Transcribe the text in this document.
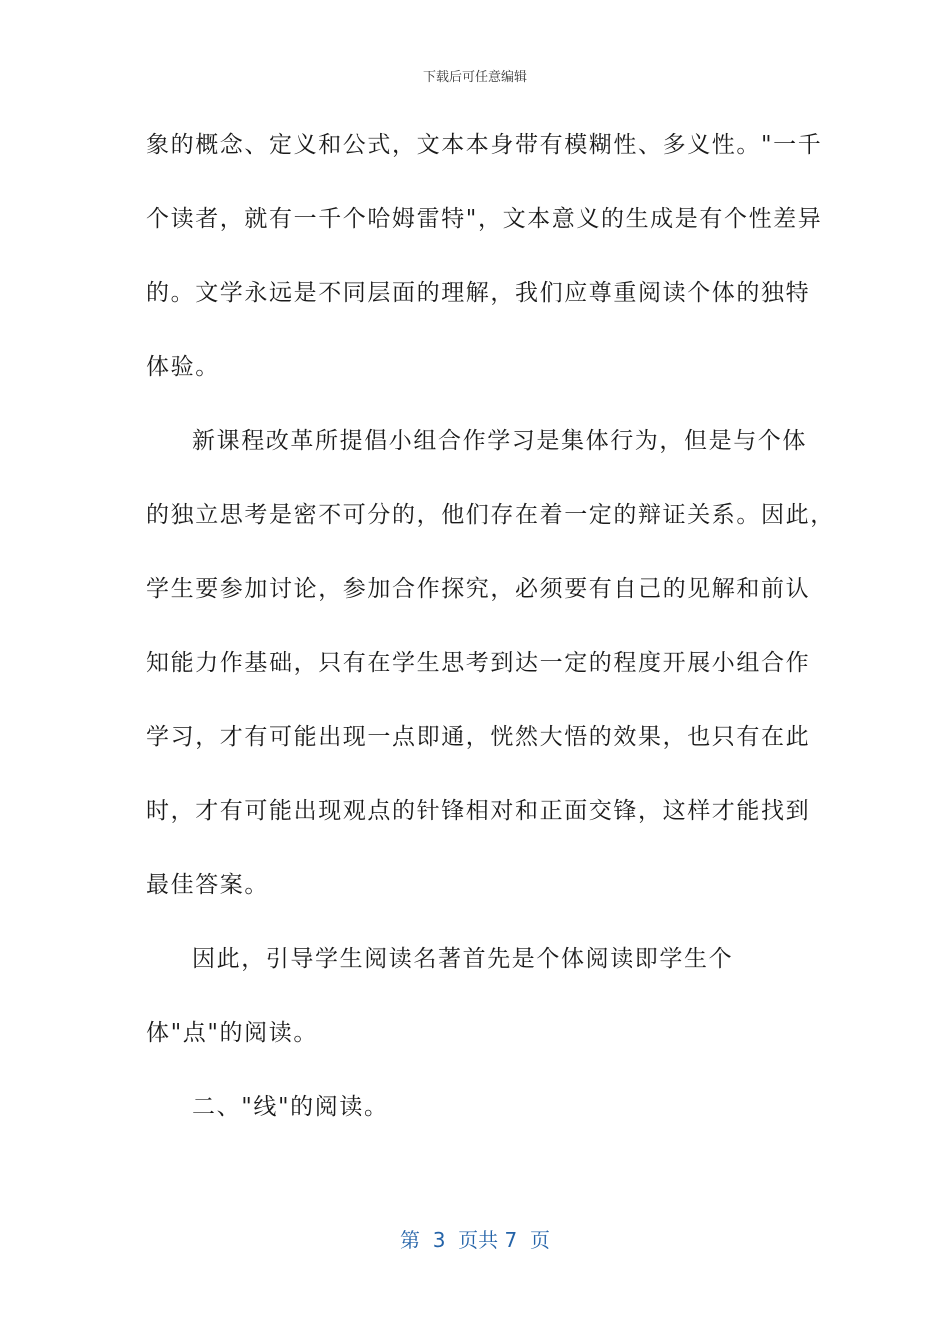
下载后可任意编辑
象的概念、定义和公式，文本本身带有模糊性、多义性。"一千
个读者，就有一千个哈姆雷特"，文本意义的生成是有个性差异
的。文学永远是不同层面的理解，我们应尊重阅读个体的独特
体验。
新课程改革所提倡小组合作学习是集体行为，但是与个体
的独立思考是密不可分的，他们存在着一定的辩证关系。因此，
学生要参加讨论，参加合作探究，必须要有自己的见解和前认
知能力作基础，只有在学生思考到达一定的程度开展小组合作
学习，才有可能出现一点即通，恍然大悟的效果，也只有在此
时，才有可能出现观点的针锋相对和正面交锋，这样才能找到
最佳答案。
因此，引导学生阅读名著首先是个体阅读即学生个
体"点"的阅读。
二、"线"的阅读。
第  3  页共 7  页
